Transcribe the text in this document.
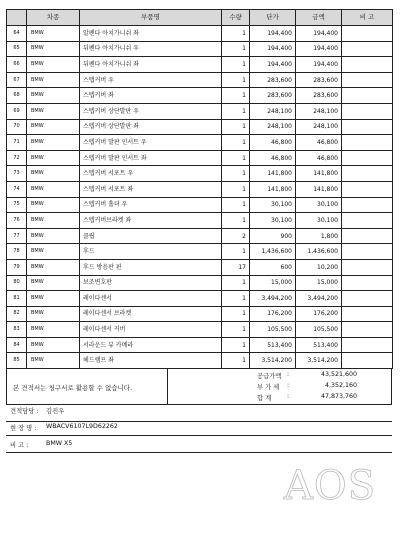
	차종	부품명	수량	단가	금액	비 고
64	BMW	알펜다 아치가니쉬 좌	1	194,400	194,400	
65	BMW	뒤펜다 아치가니쉬 우	1	194,400	194,400	
66	BMW	뒤펜다 아치가니쉬 좌	1	194,400	194,400	
67	BMW	스텝커버 우	1	283,600	283,600	
68	BMW	스텝커버 좌	1	283,600	283,600	
69	BMW	스텝커버 상단발판 우	1	248,100	248,100	
70	BMW	스텝커버 상단발판 좌	1	248,100	248,100	
71	BMW	스텝커버 발판 인서트 우	1	46,800	46,800	
72	BMW	스텝커버 발판 인서트 좌	1	46,800	46,800	
73	BMW	스텝커버 서포트 우	1	141,800	141,800	
74	BMW	스텝커버 서포트 좌	1	141,800	141,800	
75	BMW	스텝커버 홀더 우	1	30,100	30,100	
76	BMW	스텝커버브라켓 좌	1	30,100	30,100	
77	BMW	클립	2	900	1,800	
78	BMW	후드	1	1,436,600	1,436,600	
79	BMW	후드 방음판 핀	17	600	10,200	
80	BMW	보조변호판	1	15,000	15,000	
81	BMW	레이다센서	1	3,494,200	3,494,200	
82	BMW	레이다센서 브라켓	1	176,200	176,200	
83	BMW	레이다센서 커버	1	105,500	105,500	
84	BMW	서라운드 뷰 카메라	1	513,400	513,400	
85	BMW	헤드램프 좌	1	3,514,200	3,514,200	
본 견적서는 청구서로 활용할 수 없습니다.
공급가액 :	43,521,600
부 가 세	:	4,352,160
합 계	:	47,873,760
견적담당 : 김진우
현 장 명 : WBACV6107L9D62262
비 고 :	BMW X5
AOS
